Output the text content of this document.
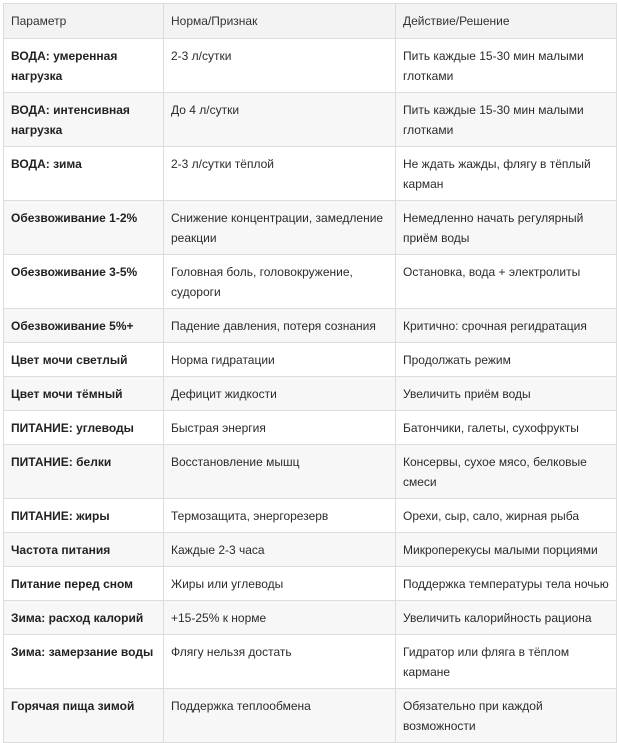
Параметр	Норма/Признак	Действие/Решение
ВОДА: умеренная нагрузка	2-3 л/сутки	Пить каждые 15-30 мин малыми глотками
ВОДА: интенсивная нагрузка	До 4 л/сутки	Пить каждые 15-30 мин малыми глотками
ВОДА: зима	2-3 л/сутки тёплой	Не ждать жажды, флягу в тёплый карман
Обезвоживание 1-2%	Снижение концентрации, замедление реакции	Немедленно начать регулярный приём воды
Обезвоживание 3-5%	Головная боль, головокружение, судороги	Остановка, вода + электролиты
Обезвоживание 5%+	Падение давления, потеря сознания	Критично: срочная регидратация
Цвет мочи светлый	Норма гидратации	Продолжать режим
Цвет мочи тёмный	Дефицит жидкости	Увеличить приём воды
ПИТАНИЕ: углеводы	Быстрая энергия	Батончики, галеты, сухофрукты
ПИТАНИЕ: белки	Восстановление мышц	Консервы, сухое мясо, белковые смеси
ПИТАНИЕ: жиры	Термозащита, энергорезерв	Орехи, сыр, сало, жирная рыба
Частота питания	Каждые 2-3 часа	Микроперекусы малыми порциями
Питание перед сном	Жиры или углеводы	Поддержка температуры тела ночью
Зима: расход калорий	+15-25% к норме	Увеличить калорийность рациона
Зима: замерзание воды	Флягу нельзя достать	Гидратор или фляга в тёплом кармане
Горячая пища зимой	Поддержка теплообмена	Обязательно при каждой возможности
